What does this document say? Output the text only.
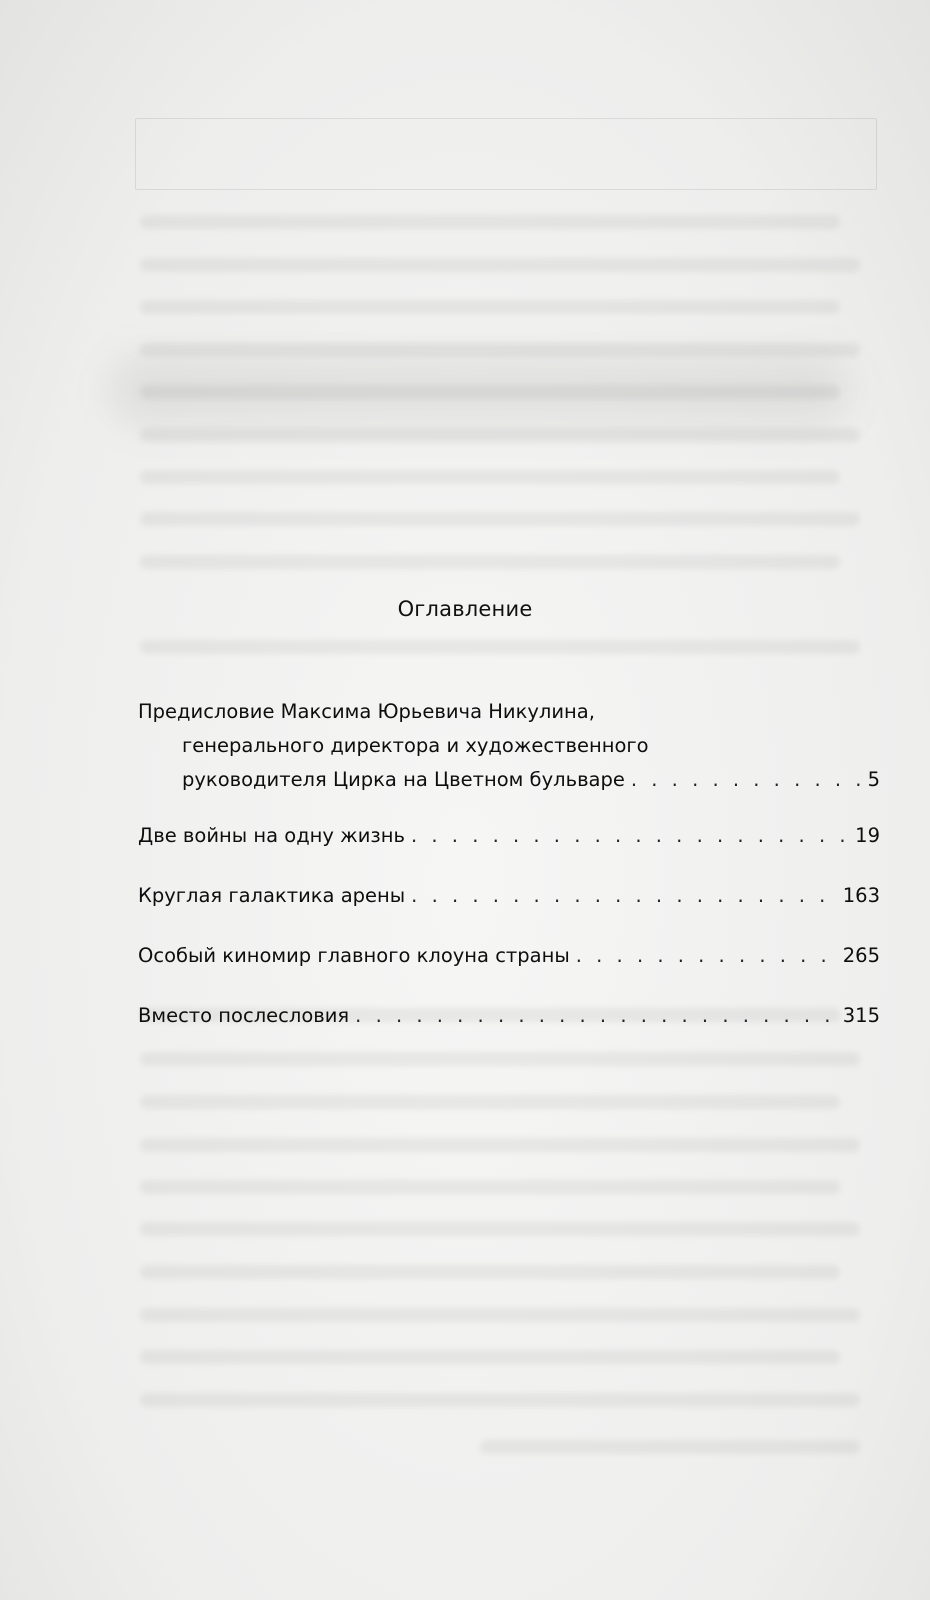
Оглавление
Предисловие Максима Юрьевича Никулина,
генерального директора и художественного
руководителя Цирка на Цветном бульваре . . .	5
Две войны на одну жизнь . . .	19
Круглая галактика арены . . .	163
Особый киномир главного клоуна страны . . .	265
Вместо послесловия . . .	315
